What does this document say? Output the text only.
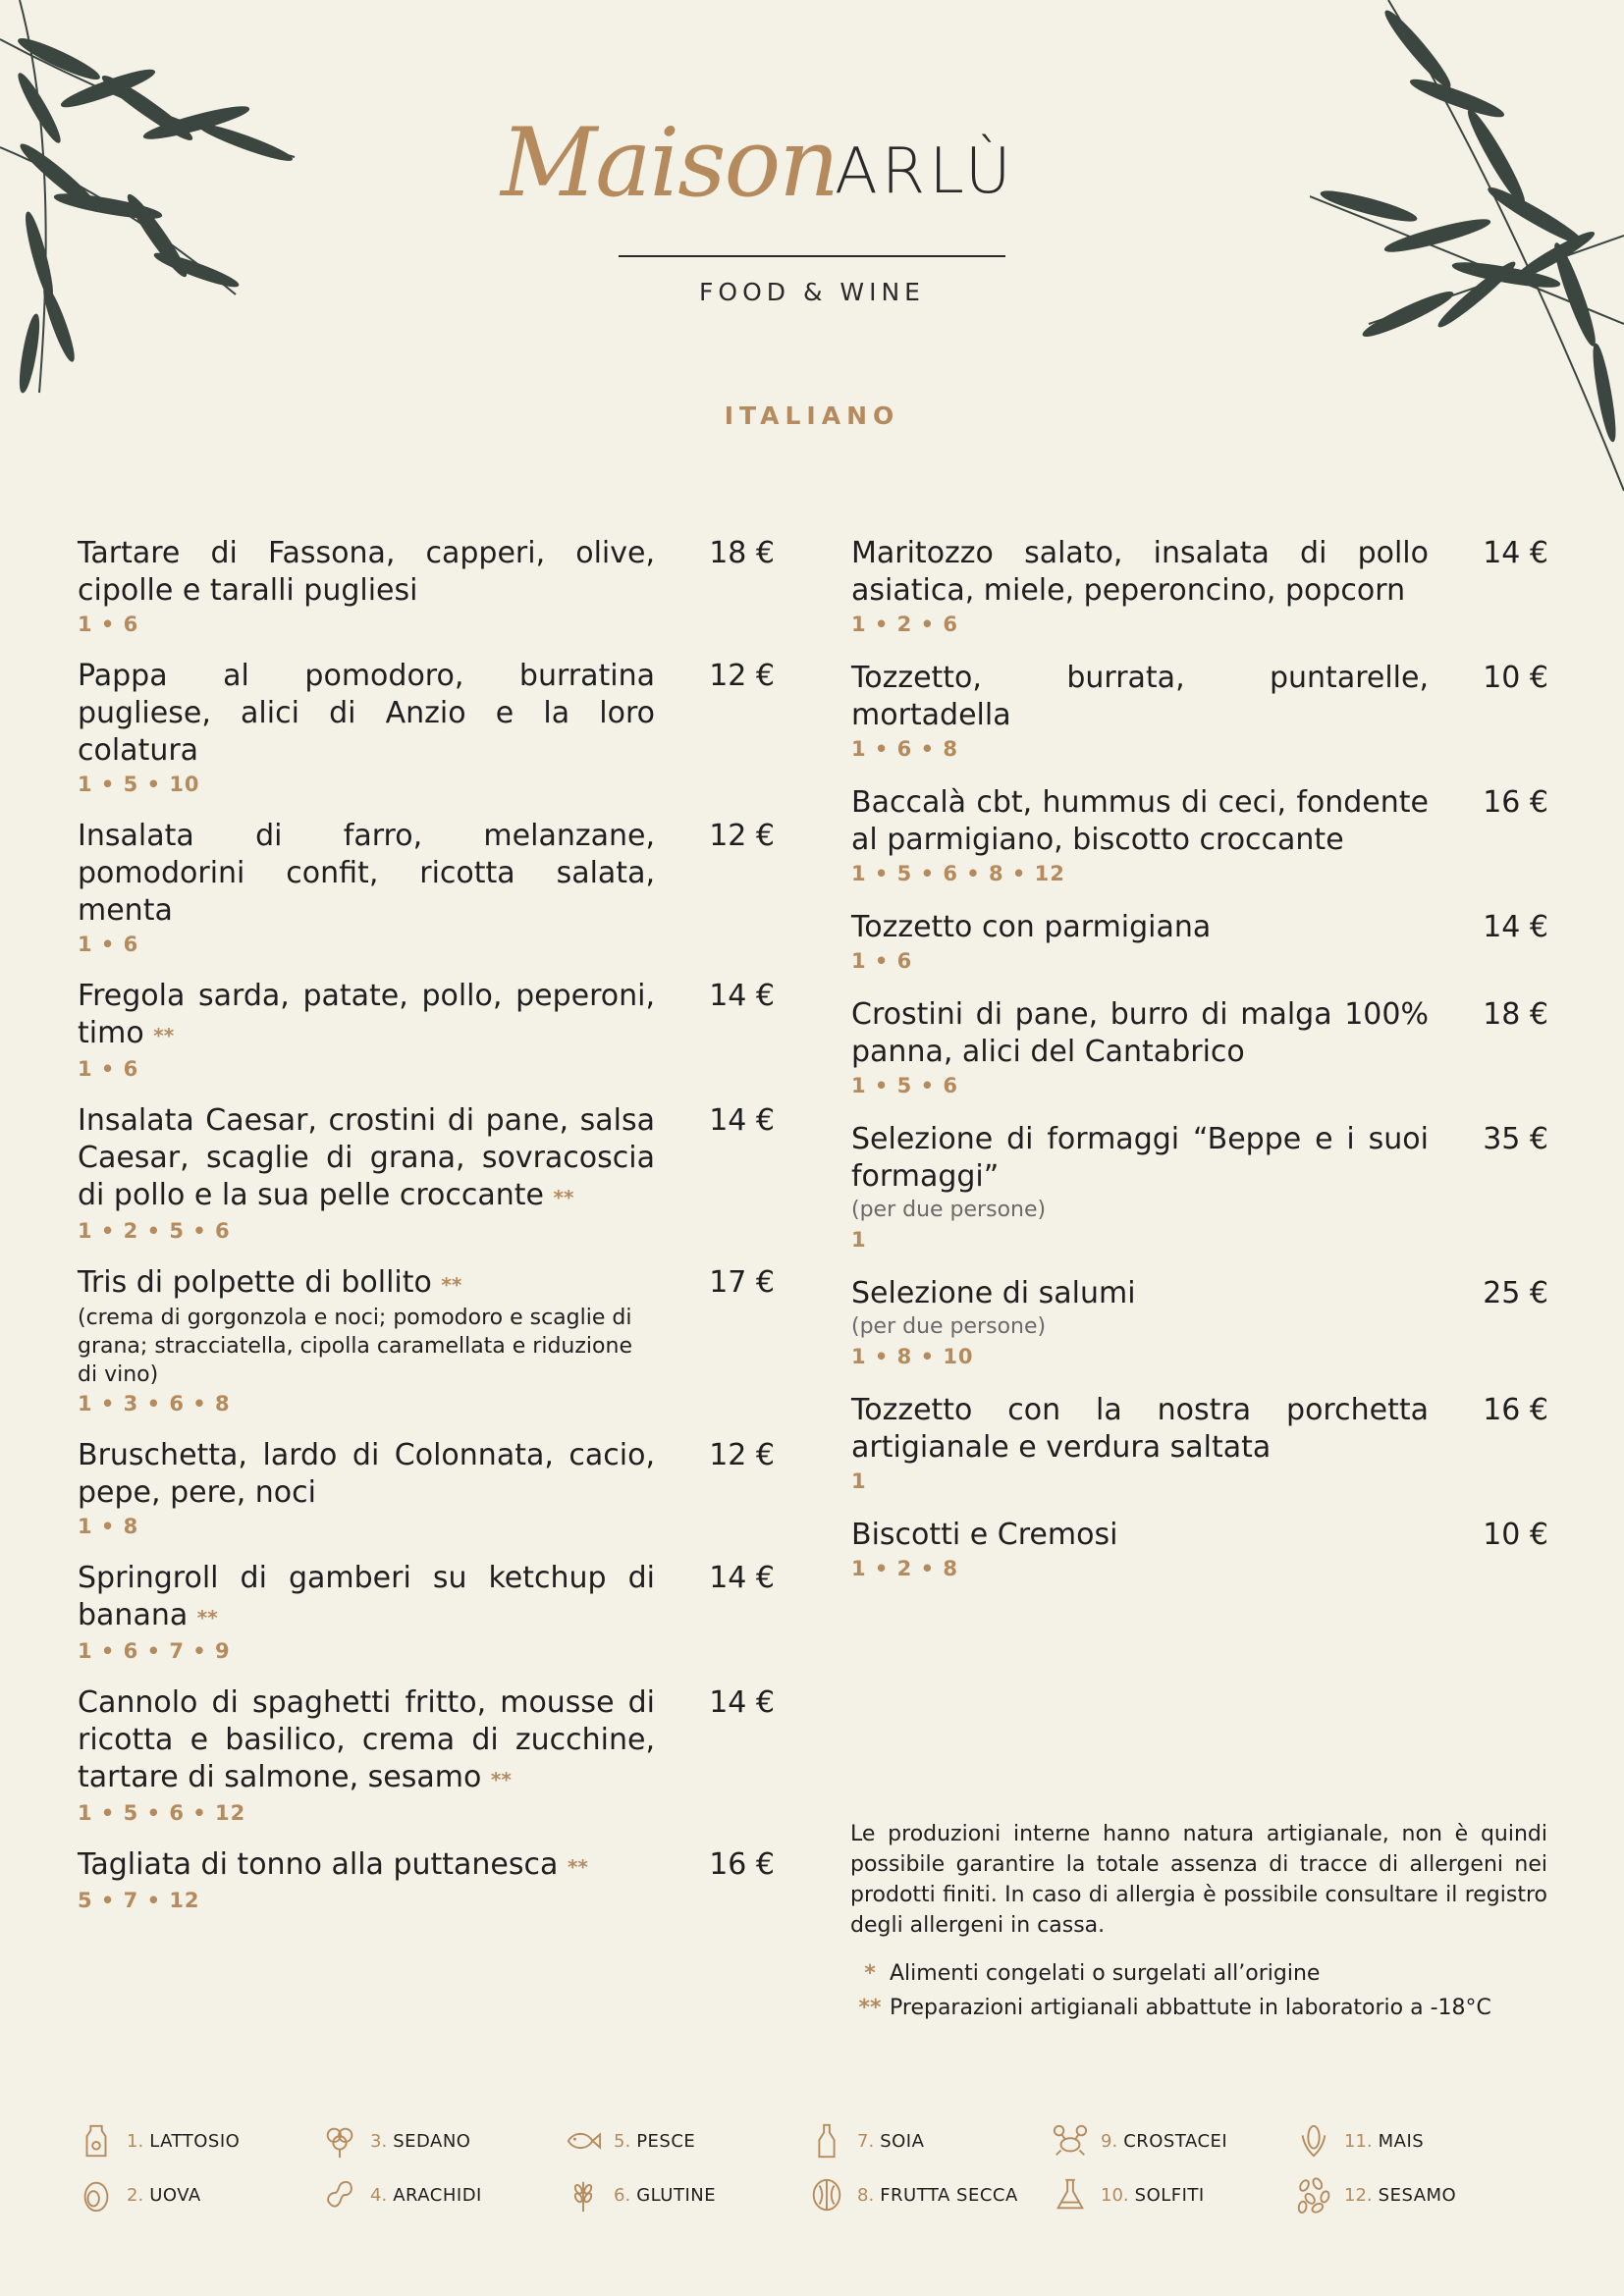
Maison
ARLÙ
FOOD & WINE
ITALIANO
Tartare di Fassona, capperi, olive, cipolle e taralli pugliesi
18 €
1 • 6
Pappa al pomodoro, burratina pugliese, alici di Anzio e la loro colatura
12 €
1 • 5 • 10
Insalata di farro, melanzane, pomodorini confit, ricotta salata, menta
12 €
1 • 6
Fregola sarda, patate, pollo, peperoni, timo **
14 €
1 • 6
Insalata Caesar, crostini di pane, salsa Caesar, scaglie di grana, sovracoscia di pollo e la sua pelle croccante **
14 €
1 • 2 • 5 • 6
Tris di polpette di bollito **	17 €
(crema di gorgonzola e noci; pomodoro e scaglie di grana; stracciatella, cipolla caramellata e riduzione di vino)
1 • 3 • 6 • 8
Bruschetta, lardo di Colonnata, cacio, pepe, pere, noci
12 €
1 • 8
Springroll di gamberi su ketchup di banana **
14 €
1 • 6 • 7 • 9
Cannolo di spaghetti fritto, mousse di ricotta e basilico, crema di zucchine, tartare di salmone, sesamo **
14 €
1 • 5 • 6 • 12
Tagliata di tonno alla puttanesca **	16 €
5 • 7 • 12
Maritozzo salato, insalata di pollo asiatica, miele, peperoncino, popcorn
14 €
1 • 2 • 6
Tozzetto, burrata, puntarelle, mortadella
10 €
1 • 6 • 8
Baccalà cbt, hummus di ceci, fondente al parmigiano, biscotto croccante
16 €
1 • 5 • 6 • 8 • 12
Tozzetto con parmigiana	14 €
1 • 6
Crostini di pane, burro di malga 100% panna, alici del Cantabrico
18 €
1 • 5 • 6
Selezione di formaggi “Beppe e i suoi formaggi”
35 €
(per due persone)
1
Selezione di salumi	25 €
(per due persone)
1 • 8 • 10
Tozzetto con la nostra porchetta artigianale e verdura saltata
16 €
1
Biscotti e Cremosi	10 €
1 • 2 • 8
Le produzioni interne hanno natura artigianale, non è quindi possibile garantire la totale assenza di tracce di allergeni nei prodotti finiti. In caso di allergia è possibile consultare il registro degli allergeni in cassa.
* Alimenti congelati o surgelati all’origine
** Preparazioni artigianali abbattute in laboratorio a -18°C
1. LATTOSIO	3. SEDANO	5. PESCE	7. SOIA	9. CROSTACEI	11. MAIS
2. UOVA	4. ARACHIDI	6. GLUTINE	8. FRUTTA SECCA	10. SOLFITI	12. SESAMO
